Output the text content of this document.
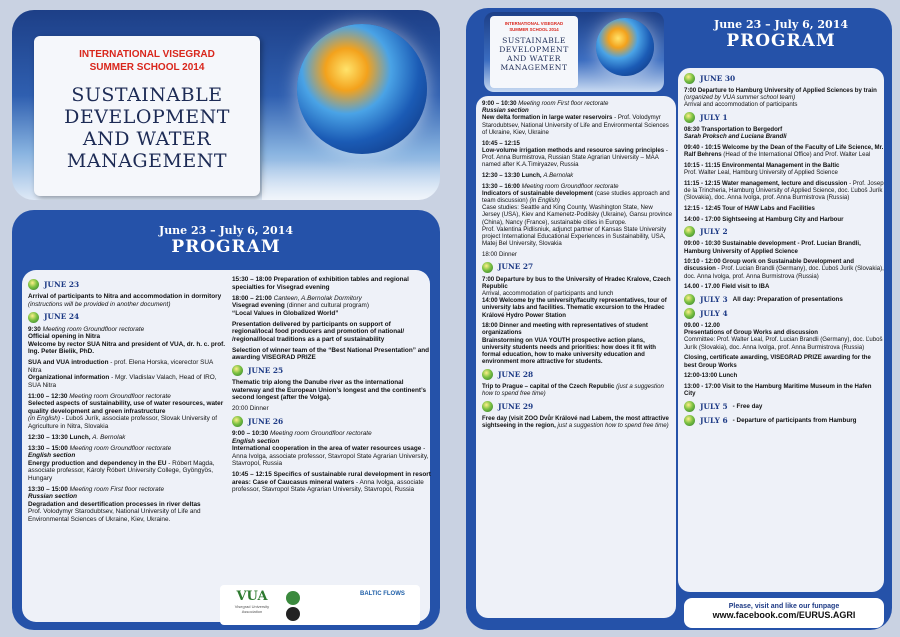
INTERNATIONAL VISEGRAD
SUMMER SCHOOL 2014
SUSTAINABLE
DEVELOPMENT
AND WATER
MANAGEMENT
June 23 – July 6, 2014
PROGRAM
JUNE 23

Arrival of participants to Nitra and accommodation in dormitory (instructions will be provided in another document)

JUNE 24

9:30 Meeting room Groundfloor rectorate
Official opening in Nitra
Welcome by rector SUA Nitra and president of VUA, dr. h. c. prof. Ing. Peter Bielik, PhD.

SUA and VUA introduction - prof. Elena Horska, vicerector SUA Nitra
Organizational information - Mgr. Vladislav Valach, Head of IRO, SUA Nitra

11:00 – 12:30 Meeting room Groundfloor rectorate
Selected aspects of sustainability, use of water resources, water quality development and green infrastructure
(in English) - Ľuboš Jurík, associate professor, Slovak University of Agriculture in Nitra, Slovakia

12:30 – 13:30 Lunch, A. Bernolak

13:30 – 15:00 Meeting room Groundfloor rectorate
English section
Energy production and dependency in the EU - Róbert Magda, associate professor, Károly Róbert University College, Gyöngyös, Hungary

13:30 – 15:00 Meeting room First floor rectorate
Russian section
Degradation and desertification processes in river deltas
Prof. Volodymyr Starodubtsev, National University of Life and Environmental Sciences of Ukraine, Kiev, Ukraine.

15:30 – 18:00 Preparation of exhibition tables and regional specialties for Visegrad evening

18:00 – 21:00 Canteen, A.Bernolak Dormitory
Visegrad evening (dinner and cultural program)
“Local Values in Globalized World”

Presentation delivered by participants on support of regional/local food producers and promotion of national/ /regional/local traditions as a part of sustainability

Selection of winner team of the “Best National Presentation” and awarding VISEGRAD PRIZE

JUNE 25

Thematic trip along the Danube river as the international waterway and the European Union’s longest and the continent’s second longest (after the Volga).

20:00 Dinner

JUNE 26

9:00 – 10:30 Meeting room Groundfloor rectorate
English section
International cooperation in the area of water resources usage - Anna Ivolga, associate professor, Stavropol State Agrarian University, Stavropol, Russia

10:45 – 12:15 Specifics of sustainable rural development in resort areas: Case of Caucasus mineral waters - Anna Ivolga, associate professor, Stavropol State Agrarian University, Stavropol, Russia

VUA
Visegrad University Association
BALTIC FLOWS
INTERNATIONAL VISEGRAD
SUMMER SCHOOL 2014
SUSTAINABLE
DEVELOPMENT
AND WATER
MANAGEMENT
June 23 – July 6, 2014
PROGRAM

9:00 – 10:30 Meeting room First floor rectorate
Russian section
New delta formation in large water reservoirs - Prof. Volodymyr Starodubtsev, National University of Life and Environmental Sciences of Ukraine, Kiev, Ukraine

10:45 – 12:15
Low-volume irrigation methods and resource saving principles - Prof. Anna Burmistrova, Russian State Agrarian University – MAA named after K.A.Timiryazev, Russia

12:30 – 13:30 Lunch, A.Bernolak

13:30 – 16:00 Meeting room Groundfloor rectorate
Indicators of sustainable development (case studies approach and team discussion) (in English)
Case studies: Seattle and King County, Washington State, New Jersey (USA), Kiev and Kamenetz-Podilsky (Ukraine), Gansu province (China), Nancy (France), sustainable cities in Europe.
Prof. Valentina Pidlisniuk, adjunct partner of Kansas State University project International Educational Experiences in Sustainability, USA, Matej Bel University, Slovakia

18:00 Dinner

JUNE 27

7:00 Departure by bus to the University of Hradec Kralove, Czech Republic
Arrival, accommodation of participants and lunch
14:00 Welcome by the university/faculty representatives, tour of university labs and facilities. Thematic excursion to the Hradec Králové Hydro Power Station

18:00 Dinner and meeting with representatives of student organizations
Brainstorming on VUA YOUTH prospective action plans, university students needs and priorities: how does it fit with formal education, how to make university education and environment more attractive for students.

JUNE 28

Trip to Prague – capital of the Czech Republic (just a suggestion how to spend free time)

JUNE 29

Free day (visit ZOO Dvůr Králové nad Labem, the most attractive sightseeing in the region, just a suggestion how to spend free time)

JUNE 30

7:00 Departure to Hamburg University of Applied Sciences by train (organized by VUA summer school team)
Arrival and accommodation of participants

JULY 1

08:30 Transportation to Bergedorf
Sarah Proksch and Luciana Brandli

09:40 - 10:15 Welcome by the Dean of the Faculty of Life Science, Mr. Ralf Behrens (Head of the International Office) and Prof. Walter Leal

10:15 - 11:15 Environmental Management in the Baltic
Prof. Walter Leal, Hamburg University of Applied Science

11:15 - 12:15 Water management, lecture and discussion - Prof. Josep de la Trincheria, Hamburg University of Applied Science, doc. Ľuboš Jurík (Slovakia), doc. Anna Ivolga, prof. Anna Burmistrova (Russia)

12:15 - 12:45 Tour of HAW Labs and Facilities

14:00 - 17:00 Sightseeing at Hamburg City and Harbour

JULY 2

09:00 - 10:30 Sustainable development - Prof. Lucian Brandli, Hamburg University of Applied Science

10:10 - 12:00 Group work on Sustainable Development and discussion - Prof. Lucian Brandli (Germany), doc. Ľuboš Jurík (Slovakia), doc. Anna Ivolga, prof. Anna Burmistrova (Russia)

14.00 - 17.00 Field visit to IBA

JULY 3 All day: Preparation of presentations
JULY 4

09.00 - 12.00
Presentations of Group Works and discussion
Committee: Prof. Walter Leal, Prof. Lucian Brandli (Germany), doc. Ľuboš Jurík (Slovakia), doc. Anna Ivolga, prof. Anna Burmistrova (Russia)

Closing, certificate awarding, VISEGRAD PRIZE awarding for the best Group Works

12:00-13:00 Lunch

13:00 - 17:00 Visit to the Hamburg Maritime Museum in the Hafen City

JULY 5 - Free day
JULY 6 - Departure of participants from Hamburg
Please, visit and like our funpage
www.facebook.com/EURUS.AGRI
